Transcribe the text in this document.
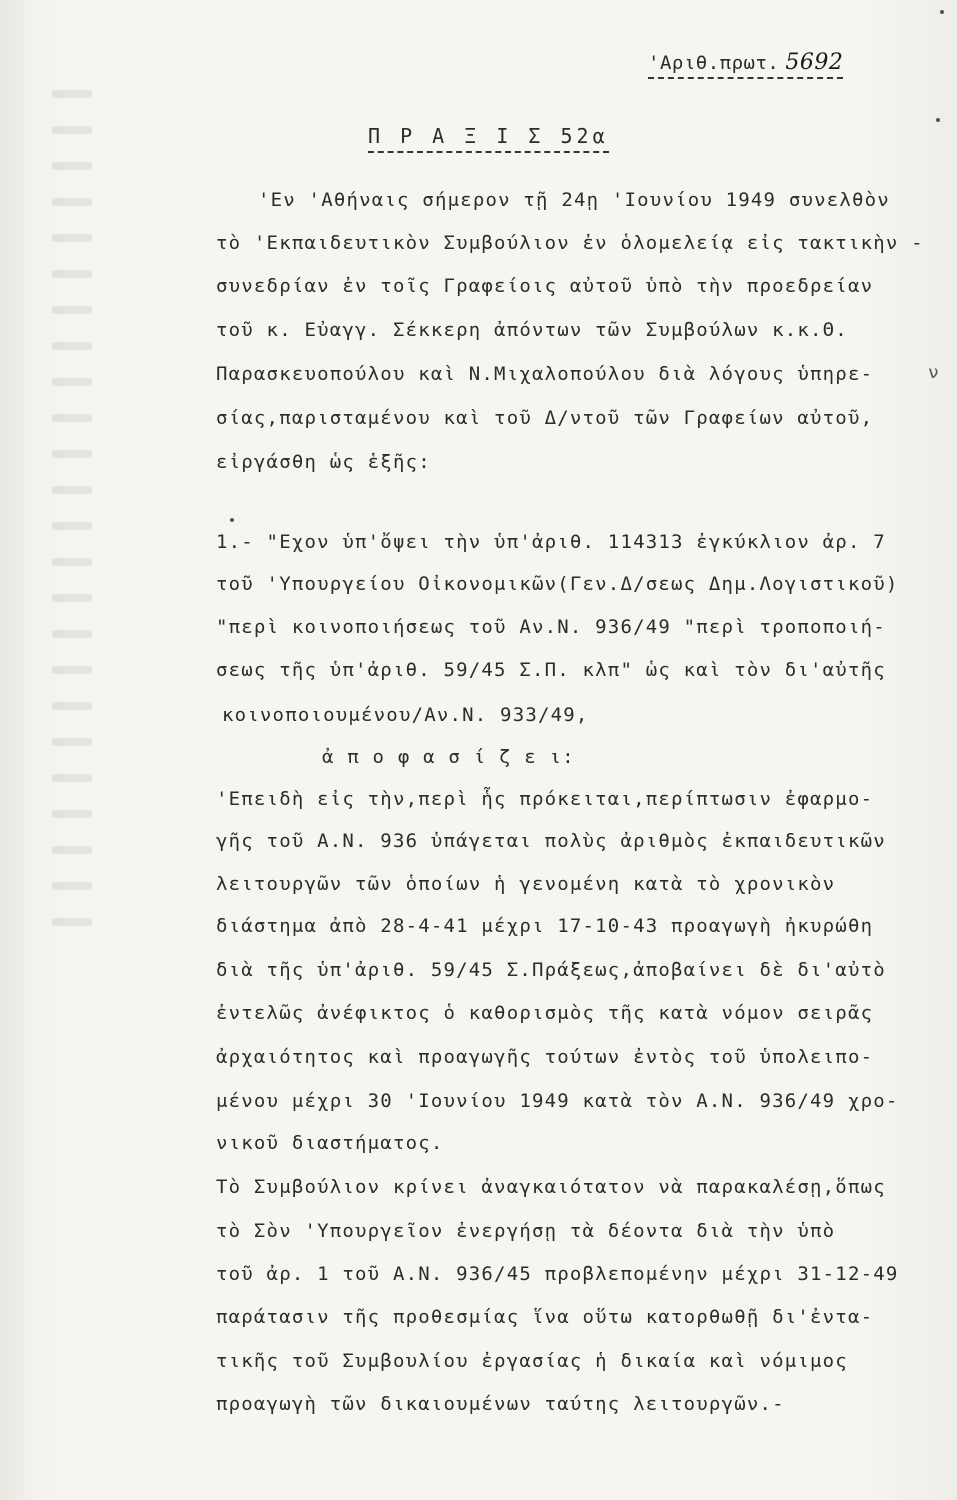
'Αριθ.πρωτ. 5692
Π Ρ Α Ξ Ι Σ 52α
'Εν 'Αθήναις σήμερον τῇ 24ῃ 'Ιουνίου 1949 συνελθὸν
τὸ 'Εκπαιδευτικὸν Συμβούλιον ἐν ὁλομελείᾳ εἰς τακτικὴν -
συνεδρίαν ἐν τοῖς Γραφείοις αὐτοῦ ὑπὸ τὴν προεδρείαν
τοῦ κ. Εὐαγγ. Σέκκερη ἀπόντων τῶν Συμβούλων κ.κ.Θ.
Παρασκευοπούλου καὶ Ν.Μιχαλοπούλου διὰ λόγους ὑπηρε-
σίας,παρισταμένου καὶ τοῦ Δ/ντοῦ τῶν Γραφείων αὐτοῦ,
εἰργάσθη ὡς ἑξῆς:
1.- "Εχον ὑπ'ὄψει τὴν ὑπ'ἀριθ. 114313 ἐγκύκλιον ἀρ. 7
τοῦ 'Υπουργείου Οἰκονομικῶν(Γεν.Δ/σεως Δημ.Λογιστικοῦ)
"περὶ κοινοποιήσεως τοῦ Αν.Ν. 936/49 "περὶ τροποποιή-
σεως τῆς ὑπ'ἀριθ. 59/45 Σ.Π. κλπ" ὡς καὶ τὸν δι'αὐτῆς
κοινοποιουμένου/Αν.Ν. 933/49,
ἀ π ο φ α σ ί ζ ε ι:
'Επειδὴ εἰς τὴν,περὶ ἧς πρόκειται,περίπτωσιν ἐφαρμο-
γῆς τοῦ Α.Ν. 936 ὑπάγεται πολὺς ἀριθμὸς ἐκπαιδευτικῶν
λειτουργῶν τῶν ὁποίων ἡ γενομένη κατὰ τὸ χρονικὸν
διάστημα ἀπὸ 28-4-41 μέχρι 17-10-43 προαγωγὴ ἠκυρώθη
διὰ τῆς ὑπ'ἀριθ. 59/45 Σ.Πράξεως,ἀποβαίνει δὲ δι'αὐτὸ
ἐντελῶς ἀνέφικτος ὁ καθορισμὸς τῆς κατὰ νόμον σειρᾶς
ἀρχαιότητος καὶ προαγωγῆς τούτων ἐντὸς τοῦ ὑπολειπο-
μένου μέχρι 30 'Ιουνίου 1949 κατὰ τὸν Α.Ν. 936/49 χρο-
νικοῦ διαστήματος.
Τὸ Συμβούλιον κρίνει ἀναγκαιότατον νὰ παρακαλέσῃ,ὅπως
τὸ Σὸν 'Υπουργεῖον ἐνεργήσῃ τὰ δέοντα διὰ τὴν ὑπὸ
τοῦ ἀρ. 1 τοῦ Α.Ν. 936/45 προβλεπομένην μέχρι 31-12-49
παράτασιν τῆς προθεσμίας ἵνα οὕτω κατορθωθῇ δι'ἐντα-
τικῆς τοῦ Συμβουλίου ἐργασίας ἡ δικαία καὶ νόμιμος
προαγωγὴ τῶν δικαιουμένων ταύτης λειτουργῶν.-
ν
